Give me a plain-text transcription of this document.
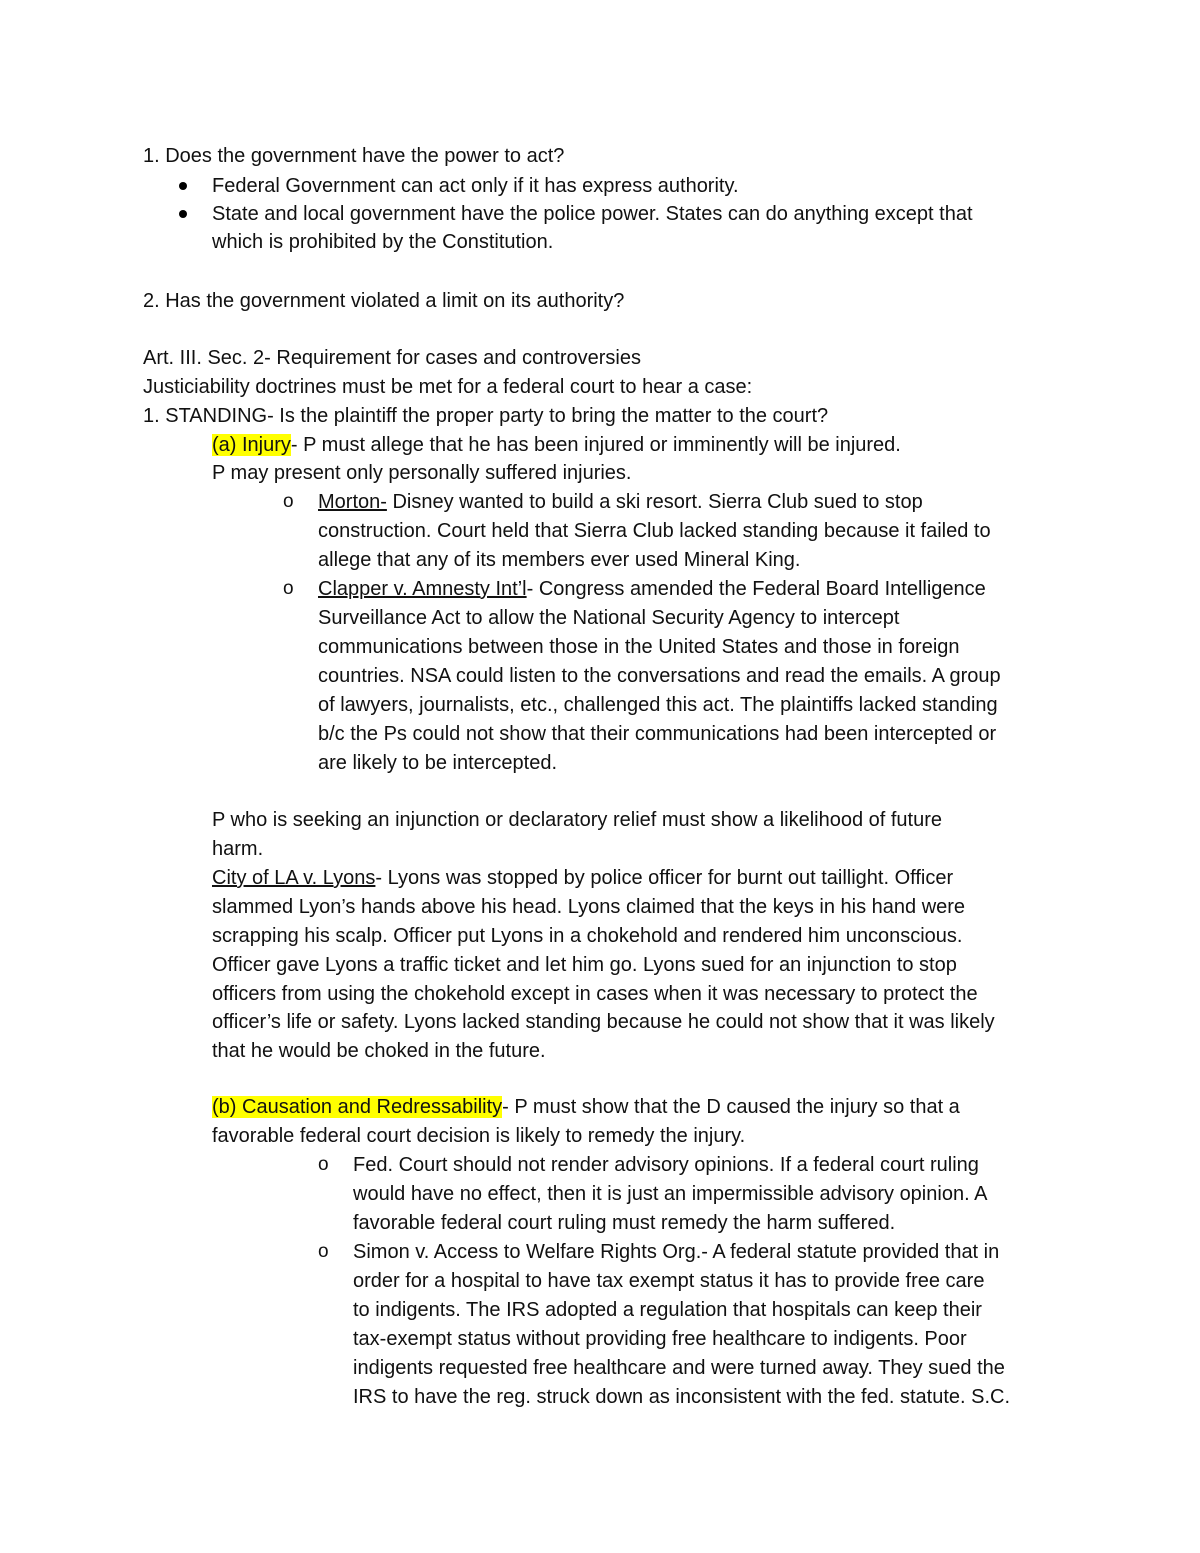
1. Does the government have the power to act?
Federal Government can act only if it has express authority.
State and local government have the police power. States can do anything except that
which is prohibited by the Constitution.
2. Has the government violated a limit on its authority?
Art. III. Sec. 2- Requirement for cases and controversies
Justiciability doctrines must be met for a federal court to hear a case:
1. STANDING- Is the plaintiff the proper party to bring the matter to the court?
(a) Injury- P must allege that he has been injured or imminently will be injured.
P may present only personally suffered injuries.
o Morton- Disney wanted to build a ski resort. Sierra Club sued to stop
construction. Court held that Sierra Club lacked standing because it failed to
allege that any of its members ever used Mineral King.
o Clapper v. Amnesty Int’l- Congress amended the Federal Board Intelligence
Surveillance Act to allow the National Security Agency to intercept
communications between those in the United States and those in foreign
countries. NSA could listen to the conversations and read the emails. A group
of lawyers, journalists, etc., challenged this act. The plaintiffs lacked standing
b/c the Ps could not show that their communications had been intercepted or
are likely to be intercepted.
P who is seeking an injunction or declaratory relief must show a likelihood of future
harm.
City of LA v. Lyons- Lyons was stopped by police officer for burnt out taillight. Officer
slammed Lyon’s hands above his head. Lyons claimed that the keys in his hand were
scrapping his scalp. Officer put Lyons in a chokehold and rendered him unconscious.
Officer gave Lyons a traffic ticket and let him go. Lyons sued for an injunction to stop
officers from using the chokehold except in cases when it was necessary to protect the
officer’s life or safety. Lyons lacked standing because he could not show that it was likely
that he would be choked in the future.
(b) Causation and Redressability- P must show that the D caused the injury so that a
favorable federal court decision is likely to remedy the injury.
o Fed. Court should not render advisory opinions. If a federal court ruling
would have no effect, then it is just an impermissible advisory opinion. A
favorable federal court ruling must remedy the harm suffered.
o Simon v. Access to Welfare Rights Org.- A federal statute provided that in
order for a hospital to have tax exempt status it has to provide free care
to indigents. The IRS adopted a regulation that hospitals can keep their
tax-exempt status without providing free healthcare to indigents. Poor
indigents requested free healthcare and were turned away. They sued the
IRS to have the reg. struck down as inconsistent with the fed. statute. S.C.
